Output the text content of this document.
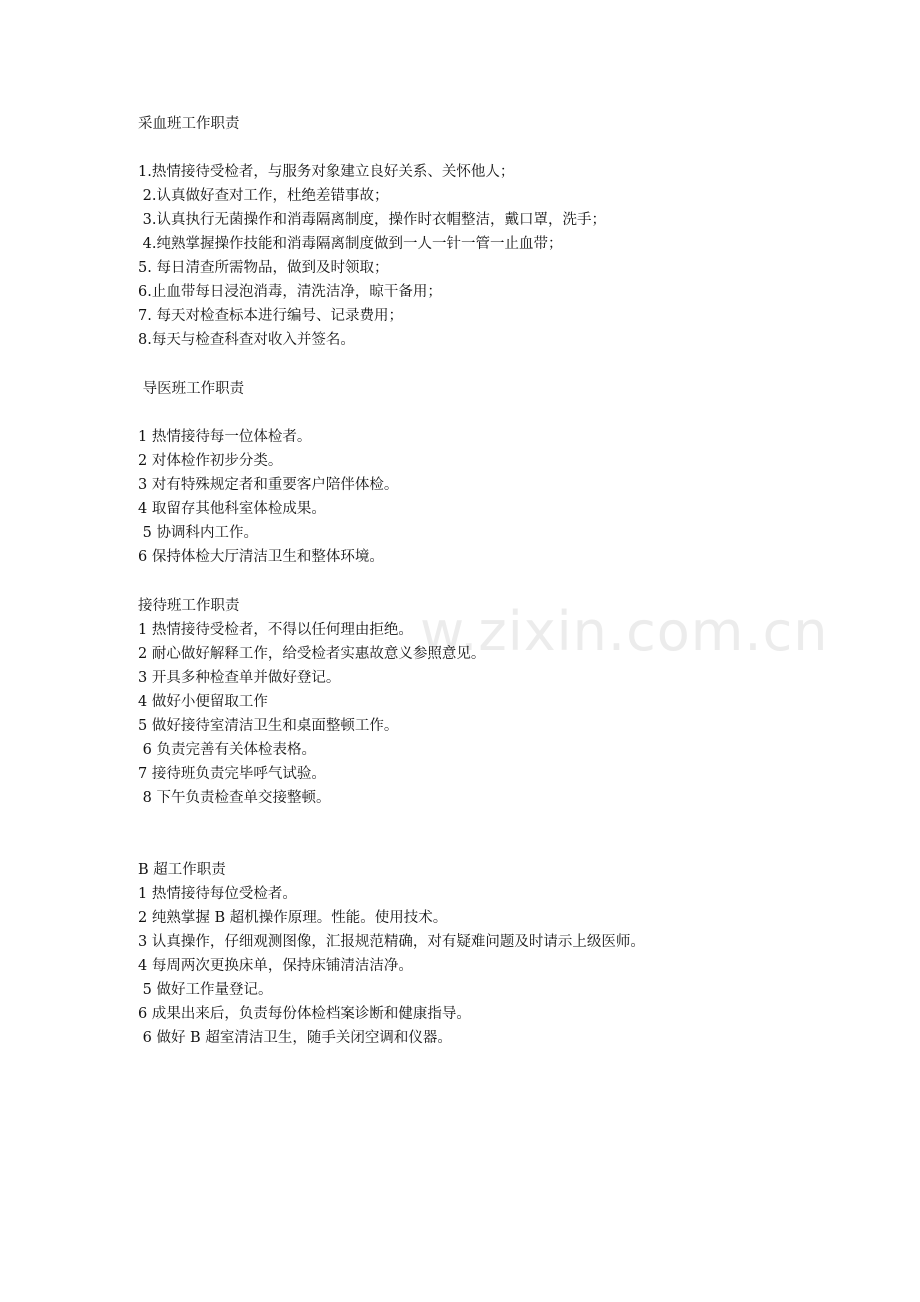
w.zixin.com.cn
采血班工作职责
1.热情接待受检者，与服务对象建立良好关系、关怀他人；
2.认真做好查对工作，杜绝差错事故；
3.认真执行无菌操作和消毒隔离制度，操作时衣帽整洁，戴口罩，洗手；
4.纯熟掌握操作技能和消毒隔离制度做到一人一针一管一止血带；
5. 每日清查所需物品，做到及时领取；
6.止血带每日浸泡消毒，清洗洁净，晾干备用；
7. 每天对检查标本进行编号、记录费用；
8.每天与检查科查对收入并签名。
导医班工作职责
1 热情接待每一位体检者。
2 对体检作初步分类。
3 对有特殊规定者和重要客户陪伴体检。
4 取留存其他科室体检成果。
5 协调科内工作。
6 保持体检大厅清洁卫生和整体环境。
接待班工作职责
1 热情接待受检者，不得以任何理由拒绝。
2 耐心做好解释工作，给受检者实惠故意义参照意见。
3 开具多种检查单并做好登记。
4 做好小便留取工作
5 做好接待室清洁卫生和桌面整顿工作。
6 负责完善有关体检表格。
7 接待班负责完毕呼气试验。
8 下午负责检查单交接整顿。
B 超工作职责
1 热情接待每位受检者。
2 纯熟掌握 B 超机操作原理。性能。使用技术。
3 认真操作，仔细观测图像，汇报规范精确，对有疑难问题及时请示上级医师。
4 每周两次更换床单，保持床铺清洁洁净。
5 做好工作量登记。
6 成果出来后，负责每份体检档案诊断和健康指导。
6 做好 B 超室清洁卫生，随手关闭空调和仪器。
